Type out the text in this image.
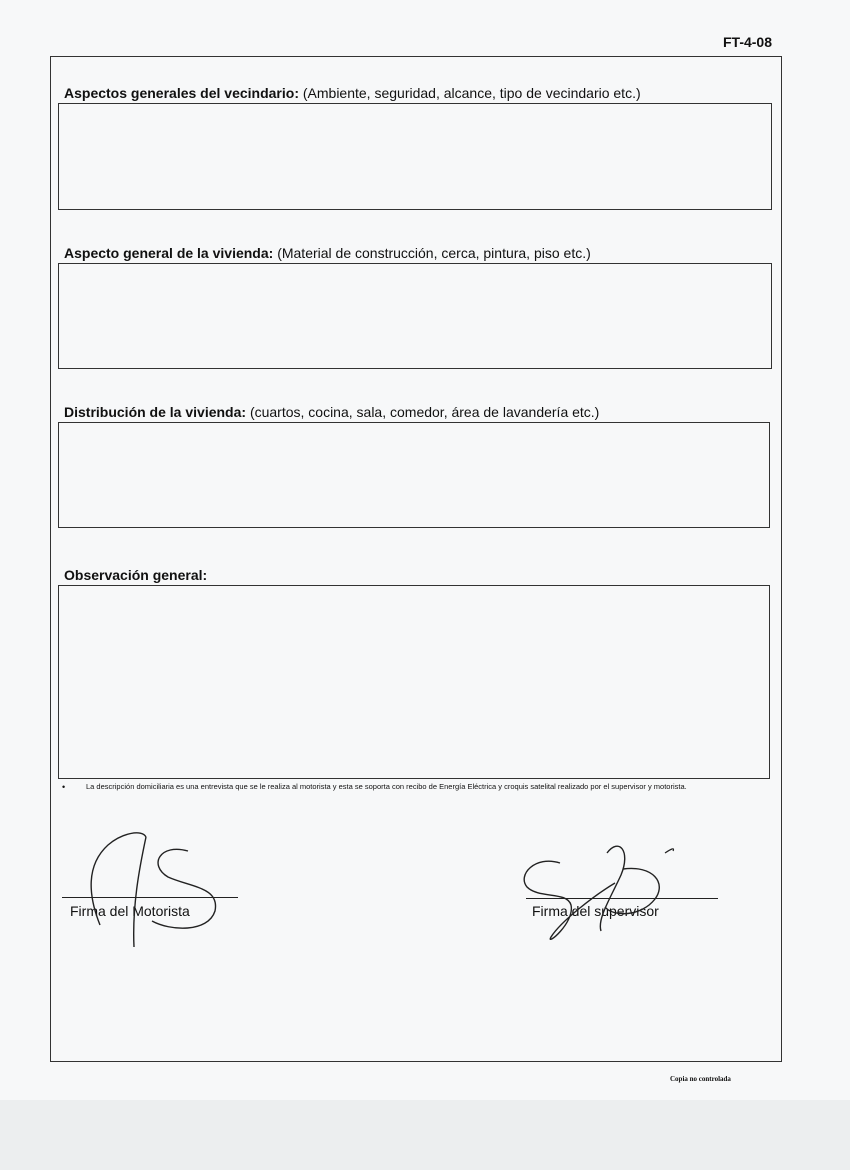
FT-4-08
Aspectos generales del vecindario: (Ambiente, seguridad, alcance, tipo de vecindario etc.)
Aspecto general de la vivienda: (Material de construcción, cerca, pintura, piso etc.)
Distribución de la vivienda: (cuartos, cocina, sala, comedor, área de lavandería etc.)
Observación general:
•	La descripción domiciliaria es una entrevista que se le realiza al motorista y esta se soporta con recibo de Energía Eléctrica y croquis satelital realizado por el supervisor y motorista.
Firma del Motorista	Firma del supervisor
Copia no controlada
